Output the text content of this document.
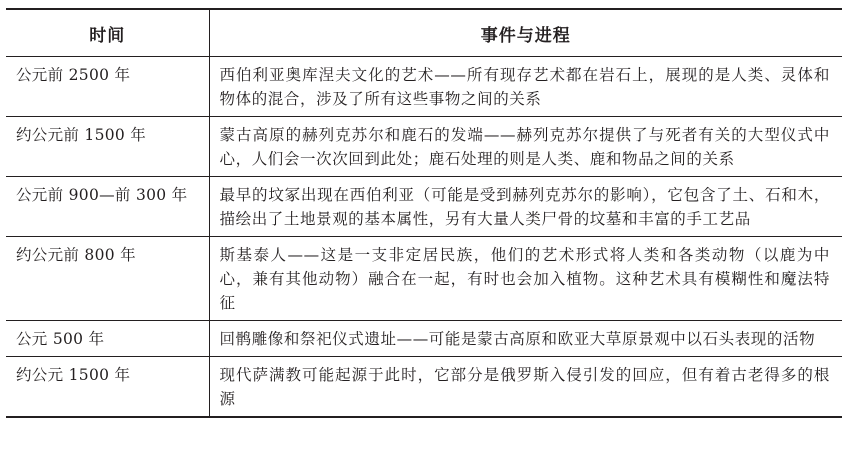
时间	事件与进程
公元前 2500 年	西伯利亚奥库涅夫文化的艺术——所有现存艺术都在岩石上，展现的是人类、灵体和物体的混合，涉及了所有这些事物之间的关系
约公元前 1500 年	蒙古高原的赫列克苏尔和鹿石的发端——赫列克苏尔提供了与死者有关的大型仪式中心，人们会一次次回到此处；鹿石处理的则是人类、鹿和物品之间的关系
公元前 900—前 300 年	最早的坟冢出现在西伯利亚（可能是受到赫列克苏尔的影响），它包含了土、石和木，描绘出了土地景观的基本属性，另有大量人类尸骨的坟墓和丰富的手工艺品
约公元前 800 年	斯基泰人——这是一支非定居民族，他们的艺术形式将人类和各类动物（以鹿为中心，兼有其他动物）融合在一起，有时也会加入植物。这种艺术具有模糊性和魔法特征
公元 500 年	回鹘雕像和祭祀仪式遗址——可能是蒙古高原和欧亚大草原景观中以石头表现的活物
约公元 1500 年	现代萨满教可能起源于此时，它部分是俄罗斯入侵引发的回应，但有着古老得多的根源
